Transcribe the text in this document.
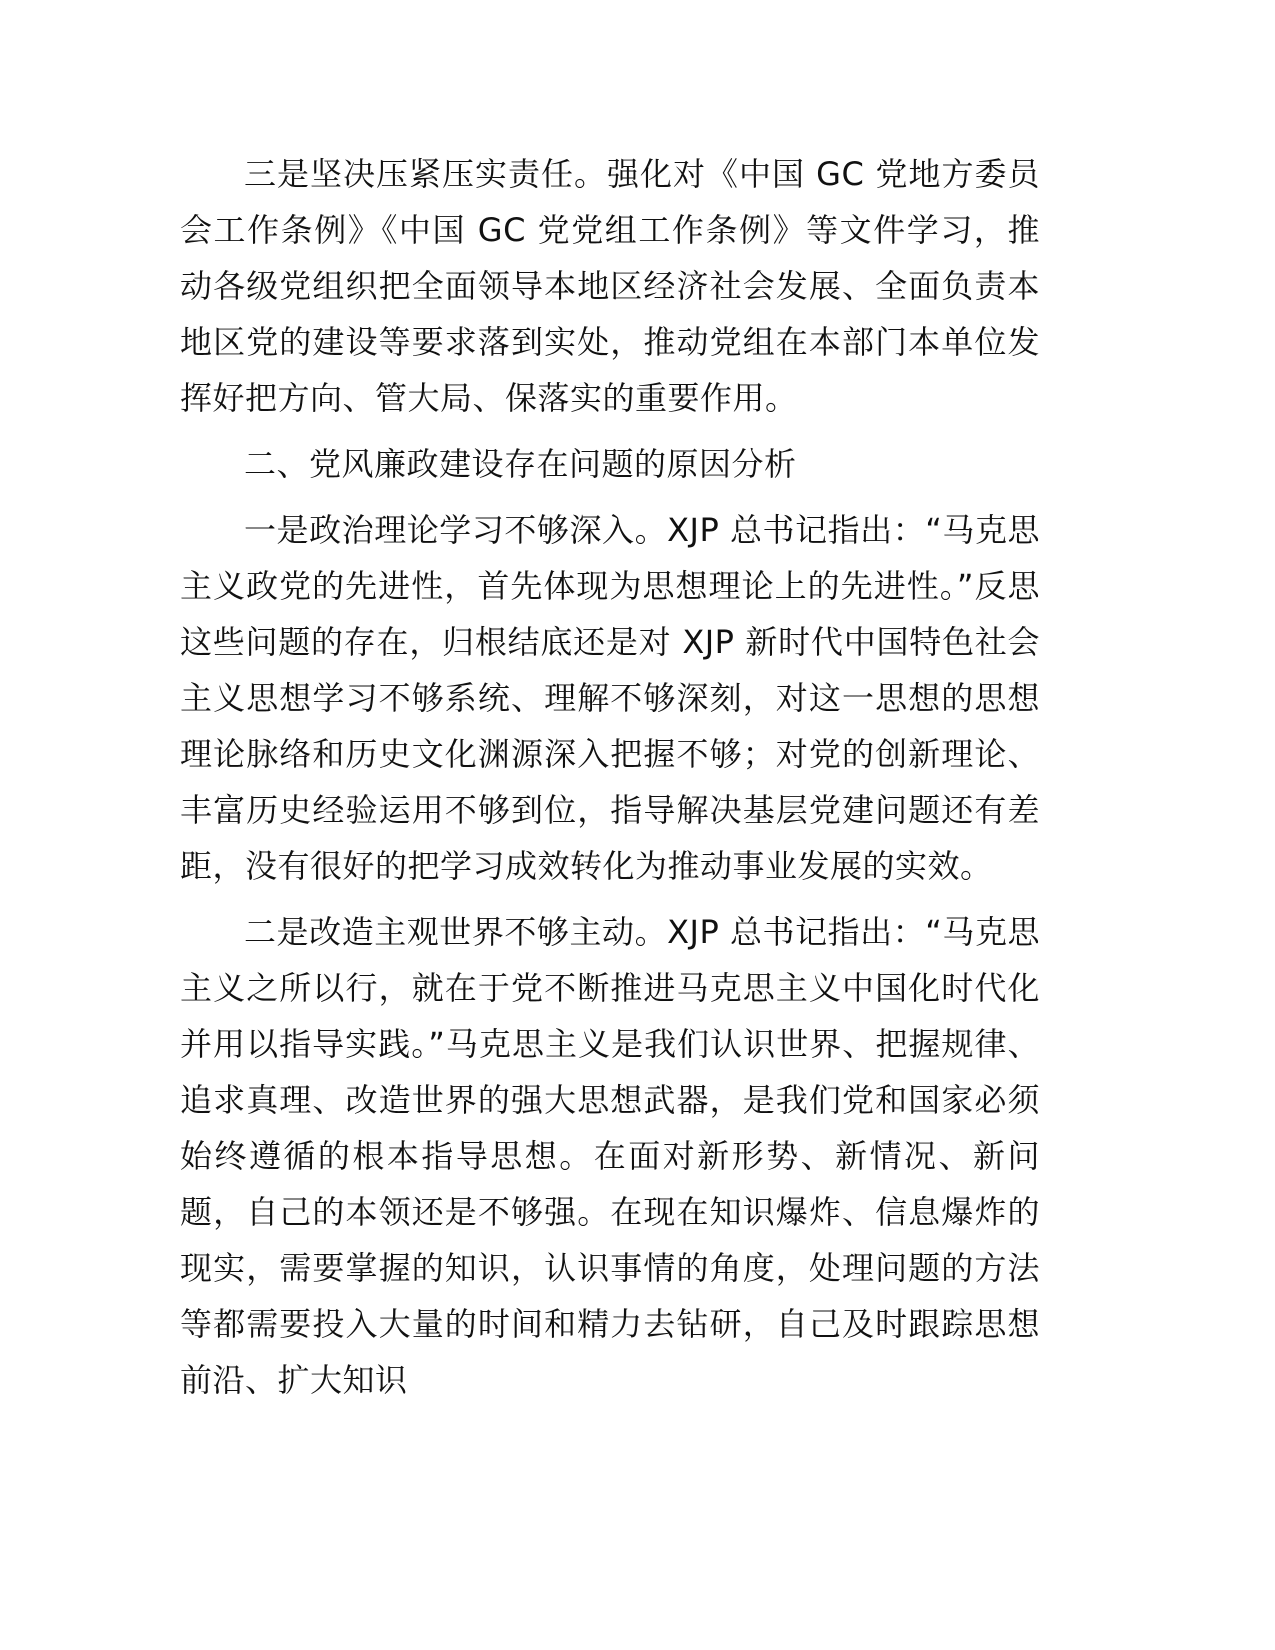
三是坚决压紧压实责任。强化对《中国 GC 党地方委员会工作条例》《中国 GC 党党组工作条例》等文件学习，推动各级党组织把全面领导本地区经济社会发展、全面负责本地区党的建设等要求落到实处，推动党组在本部门本单位发挥好把方向、管大局、保落实的重要作用。

二、党风廉政建设存在问题的原因分析

一是政治理论学习不够深入。XJP 总书记指出：“马克思主义政党的先进性，首先体现为思想理论上的先进性。”反思这些问题的存在，归根结底还是对 XJP 新时代中国特色社会主义思想学习不够系统、理解不够深刻，对这一思想的思想理论脉络和历史文化渊源深入把握不够；对党的创新理论、丰富历史经验运用不够到位，指导解决基层党建问题还有差距，没有很好的把学习成效转化为推动事业发展的实效。

二是改造主观世界不够主动。XJP 总书记指出：“马克思主义之所以行，就在于党不断推进马克思主义中国化时代化并用以指导实践。”马克思主义是我们认识世界、把握规律、追求真理、改造世界的强大思想武器，是我们党和国家必须始终遵循的根本指导思想。在面对新形势、新情况、新问题，自己的本领还是不够强。在现在知识爆炸、信息爆炸的现实，需要掌握的知识，认识事情的角度，处理问题的方法等都需要投入大量的时间和精力去钻研，自己及时跟踪思想前沿、扩大知识
